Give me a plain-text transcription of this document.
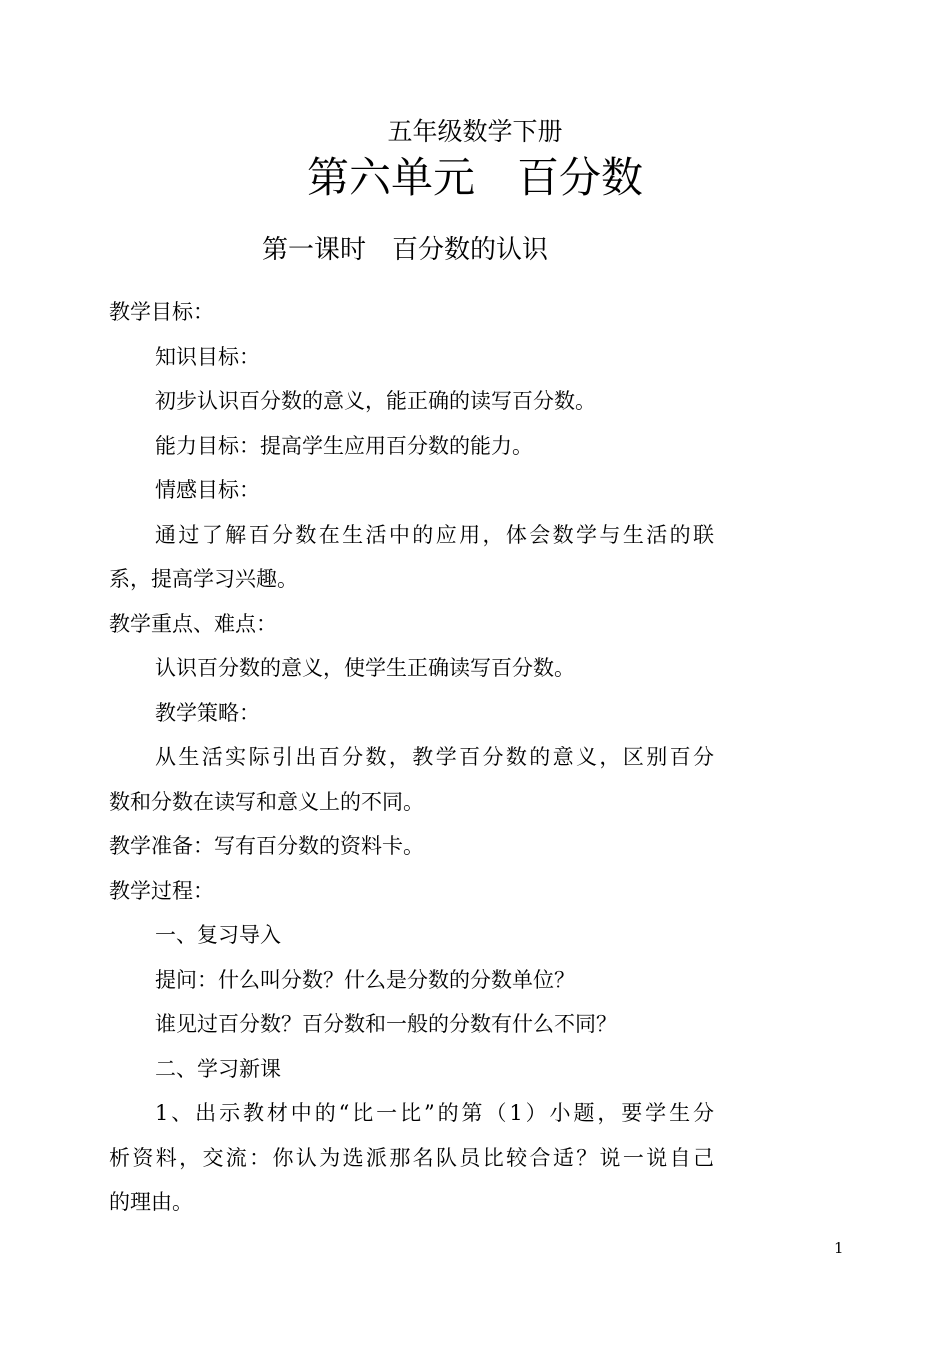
五年级数学下册
第六单元　百分数
第一课时　百分数的认识
教学目标：
知识目标：
初步认识百分数的意义，能正确的读写百分数。
能力目标：提高学生应用百分数的能力。
情感目标：
通过了解百分数在生活中的应用，体会数学与生活的联
系，提高学习兴趣。
教学重点、难点：
认识百分数的意义，使学生正确读写百分数。
教学策略：
从生活实际引出百分数，教学百分数的意义，区别百分
数和分数在读写和意义上的不同。
教学准备：写有百分数的资料卡。
教学过程：
一、复习导入
提问：什么叫分数？什么是分数的分数单位？
谁见过百分数？百分数和一般的分数有什么不同？
二、学习新课
1、出示教材中的“比一比”的第（1）小题，要学生分
析资料，交流：你认为选派那名队员比较合适？说一说自己
的理由。
1
